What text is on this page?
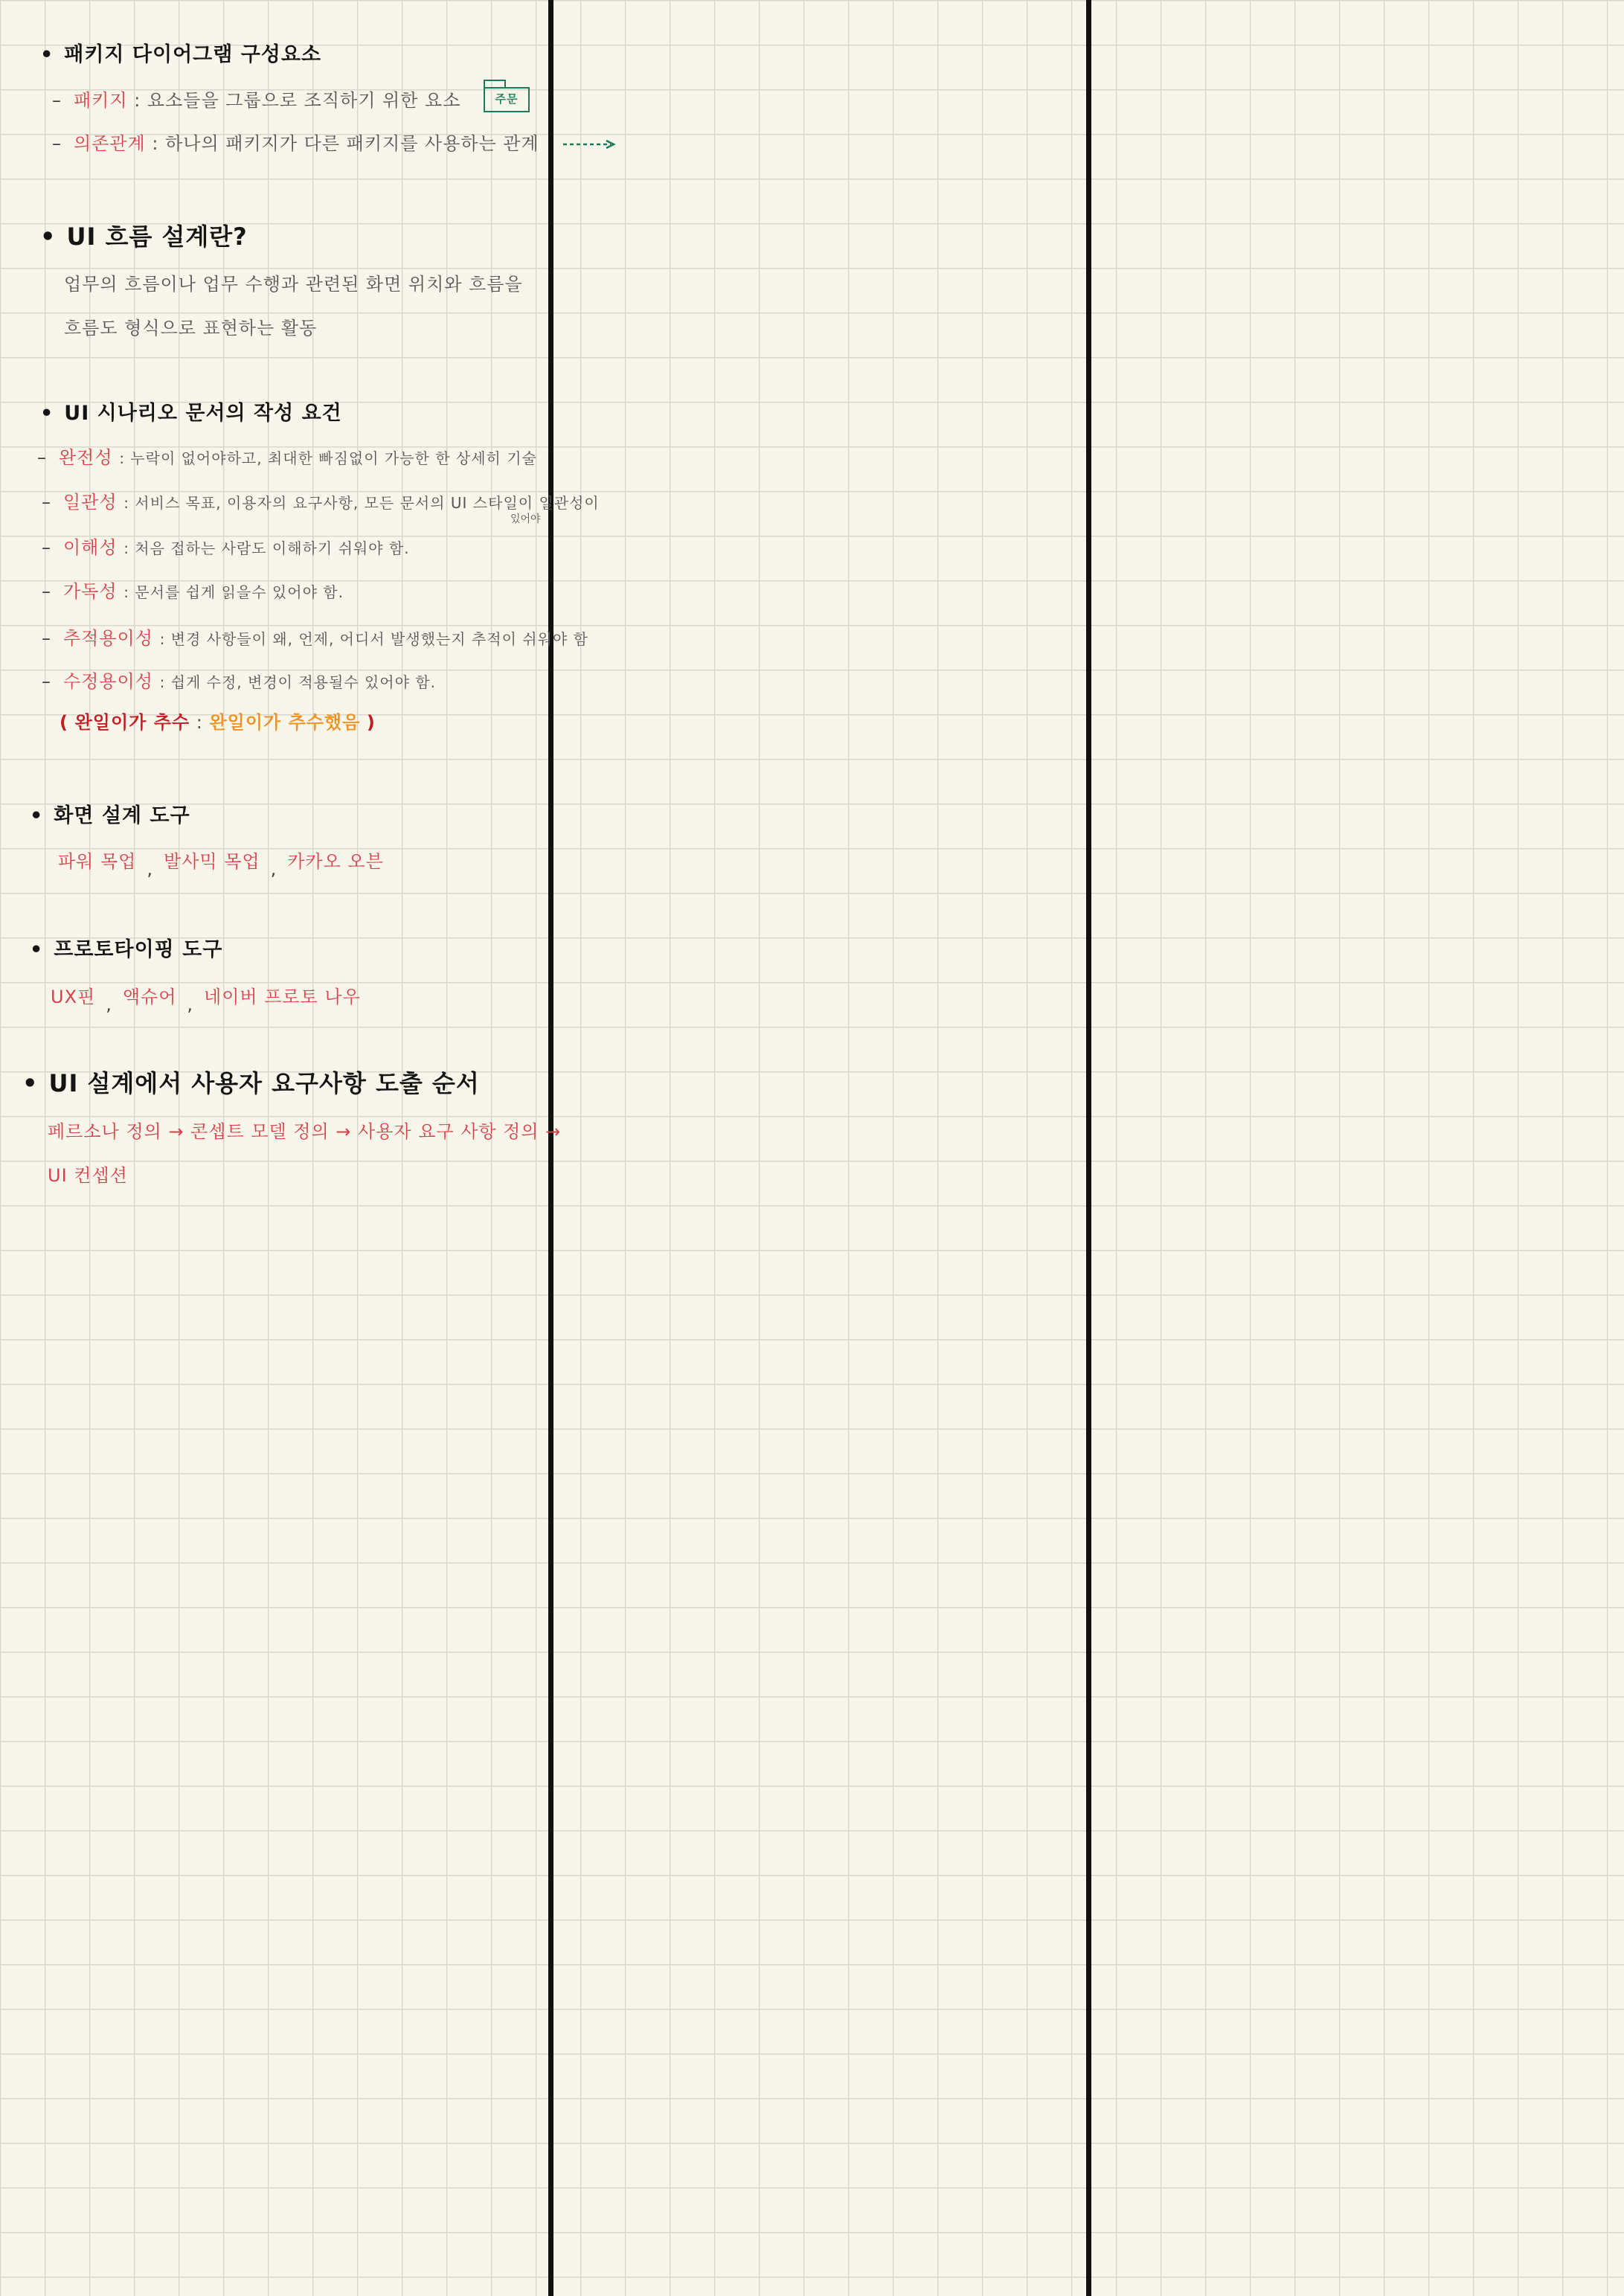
• 패키지 다이어그램 구성요소
– 패키지 : 요소들을 그룹으로 조직하기 위한 요소	주문
– 의존관계 : 하나의 패키지가 다른 패키지를 사용하는 관계
• UI 흐름 설계란?
업무의 흐름이나 업무 수행과 관련된 화면 위치와 흐름을
흐름도 형식으로 표현하는 활동
• UI 시나리오 문서의 작성 요건
– 완전성 : 누락이 없어야하고, 최대한 빠짐없이 가능한 한 상세히 기술
– 일관성 : 서비스 목표, 이용자의 요구사항, 모든 문서의 UI 스타일이 일관성이
있어야
– 이해성 : 처음 접하는 사람도 이해하기 쉬워야 함.
– 가독성 : 문서를 쉽게 읽을수 있어야 함.
– 추적용이성 : 변경 사항들이 왜, 언제, 어디서 발생했는지 추적이 쉬워야 함
– 수정용이성 : 쉽게 수정, 변경이 적용될수 있어야 함.
( 완일이가 추수 : 완일이가 추수했음 )
• 화면 설계 도구
파워 목업 , 발사믹 목업 , 카카오 오븐
• 프로토타이핑 도구
UX핀 , 액슈어 , 네이버 프로토 나우
• UI 설계에서 사용자 요구사항 도출 순서
페르소나 정의 → 콘셉트 모델 정의 → 사용자 요구 사항 정의 →
UI 컨셉션
